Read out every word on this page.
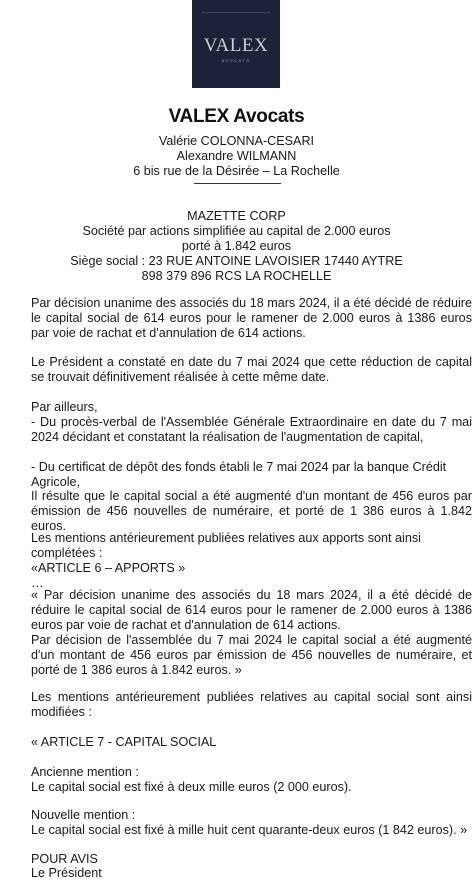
VALEX
AVOCATS
VALEX Avocats
Valérie COLONNA-CESARI
Alexandre WILMANN
6 bis rue de la Désirée – La Rochelle
MAZETTE CORP
Société par actions simplifiée au capital de 2.000 euros
porté à 1.842 euros
Siège social : 23 RUE ANTOINE LAVOISIER 17440 AYTRE
898 379 896 RCS LA ROCHELLE
Par décision unanime des associés du 18 mars 2024, il a été décidé de réduire le capital social de 614 euros pour le ramener de 2.000 euros à 1386 euros par voie de rachat et d'annulation de 614 actions.
Le Président a constaté en date du 7 mai 2024 que cette réduction de capital se trouvait définitivement réalisée à cette même date.
Par ailleurs,
- Du procès-verbal de l'Assemblée Générale Extraordinaire en date du 7 mai 2024 décidant et constatant la réalisation de l'augmentation de capital,
- Du certificat de dépôt des fonds établi le 7 mai 2024 par la banque Crédit Agricole,
Il résulte que le capital social a été augmenté d'un montant de 456 euros par émission de 456 nouvelles de numéraire, et porté de 1 386 euros à 1.842 euros.
Les mentions antérieurement publiées relatives aux apports sont ainsi complétées :
«ARTICLE 6 – APPORTS »
…
« Par décision unanime des associés du 18 mars 2024, il a été décidé de réduire le capital social de 614 euros pour le ramener de 2.000 euros à 1386 euros par voie de rachat et d'annulation de 614 actions.
Par décision de l'assemblée du 7 mai 2024 le capital social a été augmenté d'un montant de 456 euros par émission de 456 nouvelles de numéraire, et porté de 1 386 euros à 1.842 euros. »
Les mentions antérieurement publiées relatives au capital social sont ainsi modifiées :
« ARTICLE 7 - CAPITAL SOCIAL
Ancienne mention :
Le capital social est fixé à deux mille euros (2 000 euros).
Nouvelle mention :
Le capital social est fixé à mille huit cent quarante-deux euros (1 842 euros). »
POUR AVIS
Le Président
